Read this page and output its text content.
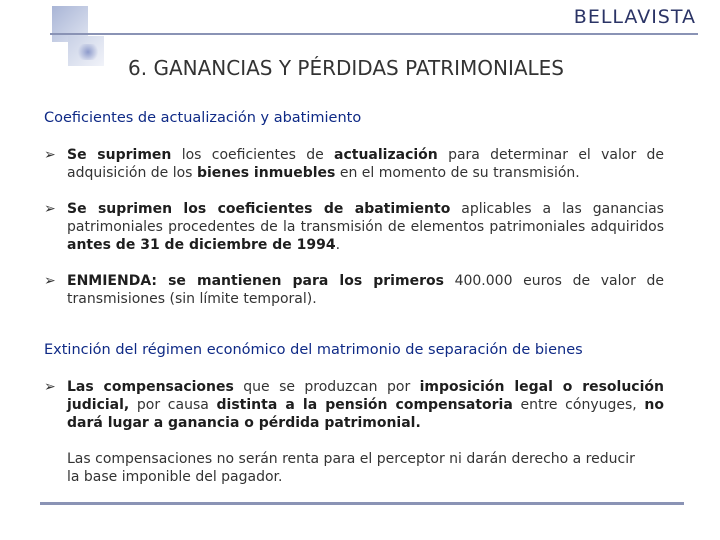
BELLAVISTA
6. GANANCIAS Y PÉRDIDAS PATRIMONIALES
Coeficientes de actualización y abatimiento
➢ Se suprimen los coeficientes de actualización para determinar el valor de adquisición de los bienes inmuebles en el momento de su transmisión.
➢ Se suprimen los coeficientes de abatimiento aplicables a las ganancias patrimoniales procedentes de la transmisión de elementos patrimoniales adquiridos antes de 31 de diciembre de 1994.
➢ ENMIENDA: se mantienen para los primeros 400.000 euros de valor de transmisiones (sin límite temporal).
Extinción del régimen económico del matrimonio de separación de bienes
➢ Las compensaciones que se produzcan por imposición legal o resolución judicial, por causa distinta a la pensión compensatoria entre cónyuges, no dará lugar a ganancia o pérdida patrimonial.
Las compensaciones no serán renta para el perceptor ni darán derecho a reducir la base imponible del pagador.
